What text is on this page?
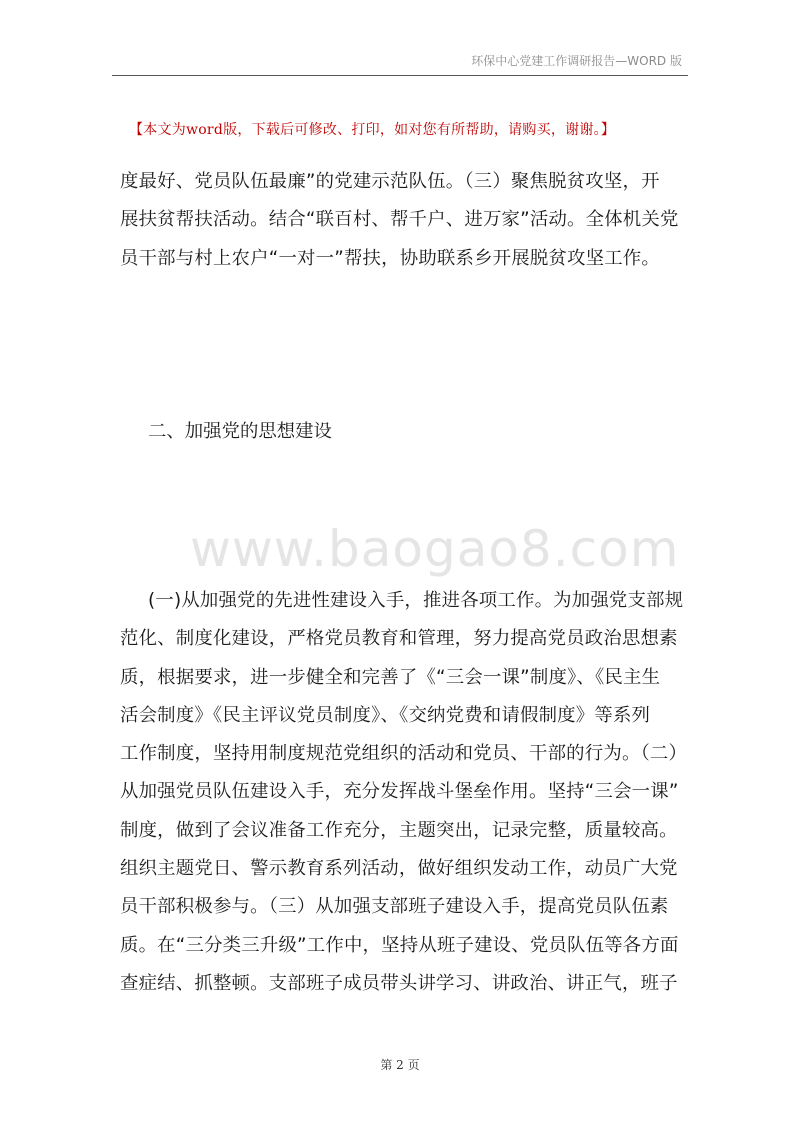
环保中心党建工作调研报告—WORD 版
【本文为word版，下载后可修改、打印，如对您有所帮助，请购买，谢谢。】
度最好、党员队伍最廉”的党建示范队伍。（三）聚焦脱贫攻坚，开
展扶贫帮扶活动。结合“联百村、帮千户、进万家”活动。全体机关党
员干部与村上农户“一对一”帮扶，协助联系乡开展脱贫攻坚工作。
二、加强党的思想建设
www.baogao8.com
(一)从加强党的先进性建设入手，推进各项工作。为加强党支部规
范化、制度化建设，严格党员教育和管理，努力提高党员政治思想素
质，根据要求，进一步健全和完善了《“三会一课”制度》、《民主生
活会制度》《民主评议党员制度》、《交纳党费和请假制度》等系列
工作制度，坚持用制度规范党组织的活动和党员、干部的行为。（二）
从加强党员队伍建设入手，充分发挥战斗堡垒作用。坚持“三会一课”
制度，做到了会议准备工作充分，主题突出，记录完整，质量较高。
组织主题党日、警示教育系列活动，做好组织发动工作，动员广大党
员干部积极参与。（三）从加强支部班子建设入手，提高党员队伍素
质。在“三分类三升级”工作中，坚持从班子建设、党员队伍等各方面
查症结、抓整顿。支部班子成员带头讲学习、讲政治、讲正气，班子
第 2 页
